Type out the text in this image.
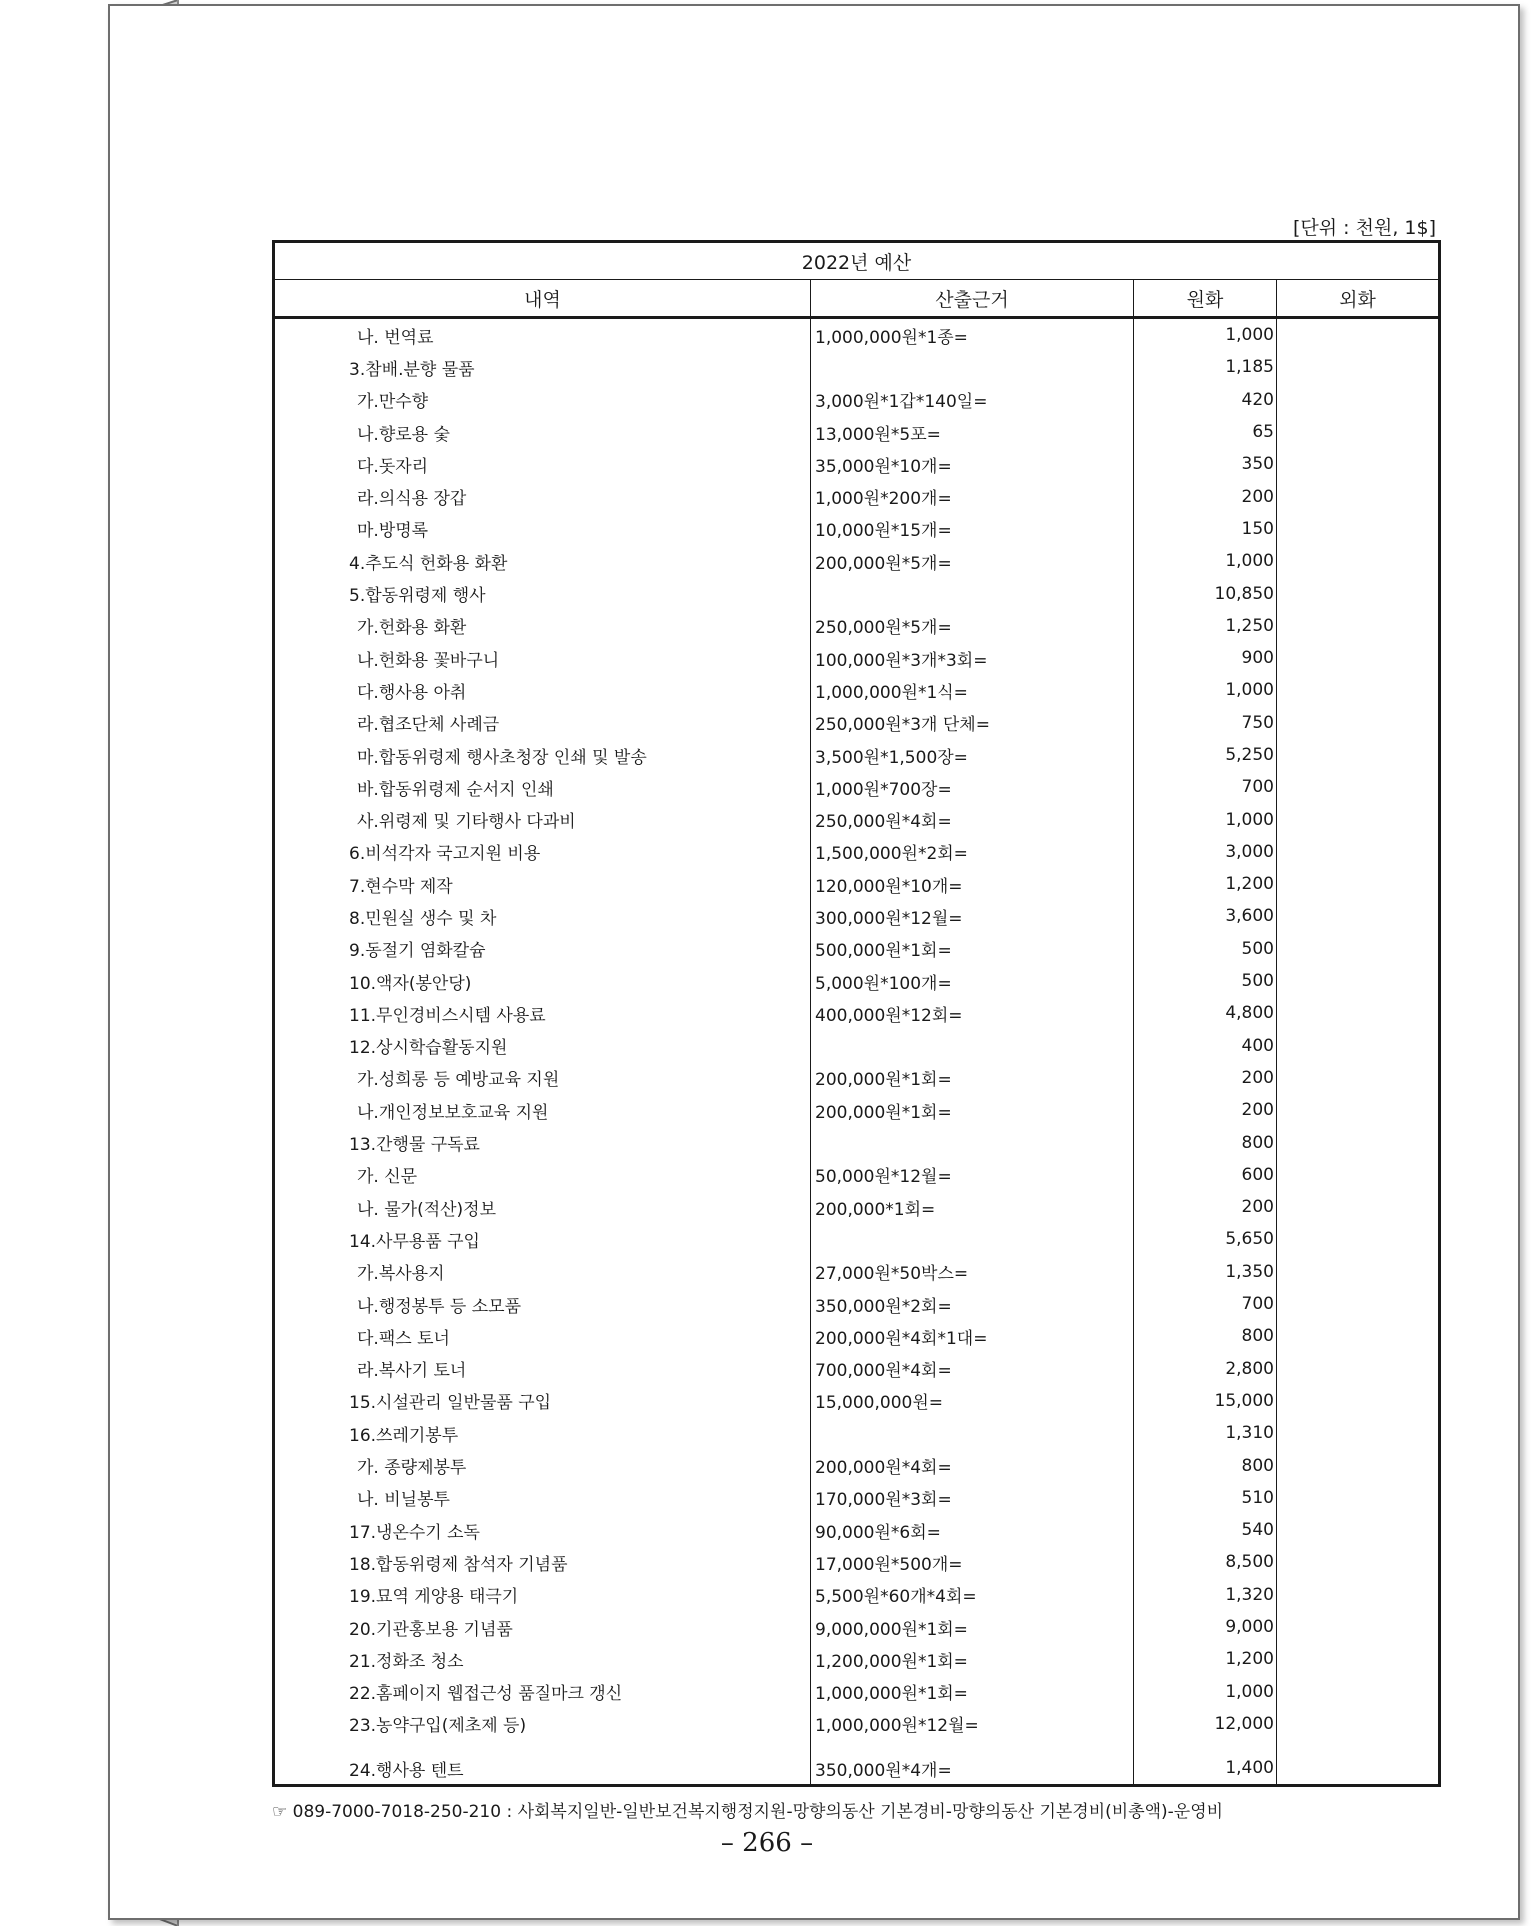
[단위 : 천원, 1$]
2022년 예산			
내역	산출근거	원화	외화
나. 번역료	1,000,000원*1종=	1,000	
3.참배.분향 물품		1,185	
가.만수향	3,000원*1갑*140일=	420	
나.향로용 숯	13,000원*5포=	65	
다.돗자리	35,000원*10개=	350	
라.의식용 장갑	1,000원*200개=	200	
마.방명록	10,000원*15개=	150	
4.추도식 헌화용 화환	200,000원*5개=	1,000	
5.합동위령제 행사		10,850	
가.헌화용 화환	250,000원*5개=	1,250	
나.헌화용 꽃바구니	100,000원*3개*3회=	900	
다.행사용 아취	1,000,000원*1식=	1,000	
라.협조단체 사례금	250,000원*3개 단체=	750	
마.합동위령제 행사초청장 인쇄 및 발송	3,500원*1,500장=	5,250	
바.합동위령제 순서지 인쇄	1,000원*700장=	700	
사.위령제 및 기타행사 다과비	250,000원*4회=	1,000	
6.비석각자 국고지원 비용	1,500,000원*2회=	3,000	
7.현수막 제작	120,000원*10개=	1,200	
8.민원실 생수 및 차	300,000원*12월=	3,600	
9.동절기 염화칼슘	500,000원*1회=	500	
10.액자(봉안당)	5,000원*100개=	500	
11.무인경비스시템 사용료	400,000원*12회=	4,800	
12.상시학습활동지원		400	
가.성희롱 등 예방교육 지원	200,000원*1회=	200	
나.개인정보보호교육 지원	200,000원*1회=	200	
13.간행물 구독료		800	
가. 신문	50,000원*12월=	600	
나. 물가(적산)정보	200,000*1회=	200	
14.사무용품 구입		5,650	
가.복사용지	27,000원*50박스=	1,350	
나.행정봉투 등 소모품	350,000원*2회=	700	
다.팩스 토너	200,000원*4회*1대=	800	
라.복사기 토너	700,000원*4회=	2,800	
15.시설관리 일반물품 구입	15,000,000원=	15,000	
16.쓰레기봉투		1,310	
가. 종량제봉투	200,000원*4회=	800	
나. 비닐봉투	170,000원*3회=	510	
17.냉온수기 소독	90,000원*6회=	540	
18.합동위령제 참석자 기념품	17,000원*500개=	8,500	
19.묘역 게양용 태극기	5,500원*60개*4회=	1,320	
20.기관홍보용 기념품	9,000,000원*1회=	9,000	
21.정화조 청소	1,200,000원*1회=	1,200	
22.홈페이지 웹접근성 품질마크 갱신	1,000,000원*1회=	1,000	
23.농약구입(제초제 등)	1,000,000원*12월=	12,000	

24.행사용 텐트	350,000원*4개=	1,400	
☞ 089-7000-7018-250-210 : 사회복지일반-일반보건복지행정지원-망향의동산 기본경비-망향의동산 기본경비(비총액)-운영비
– 266 –
